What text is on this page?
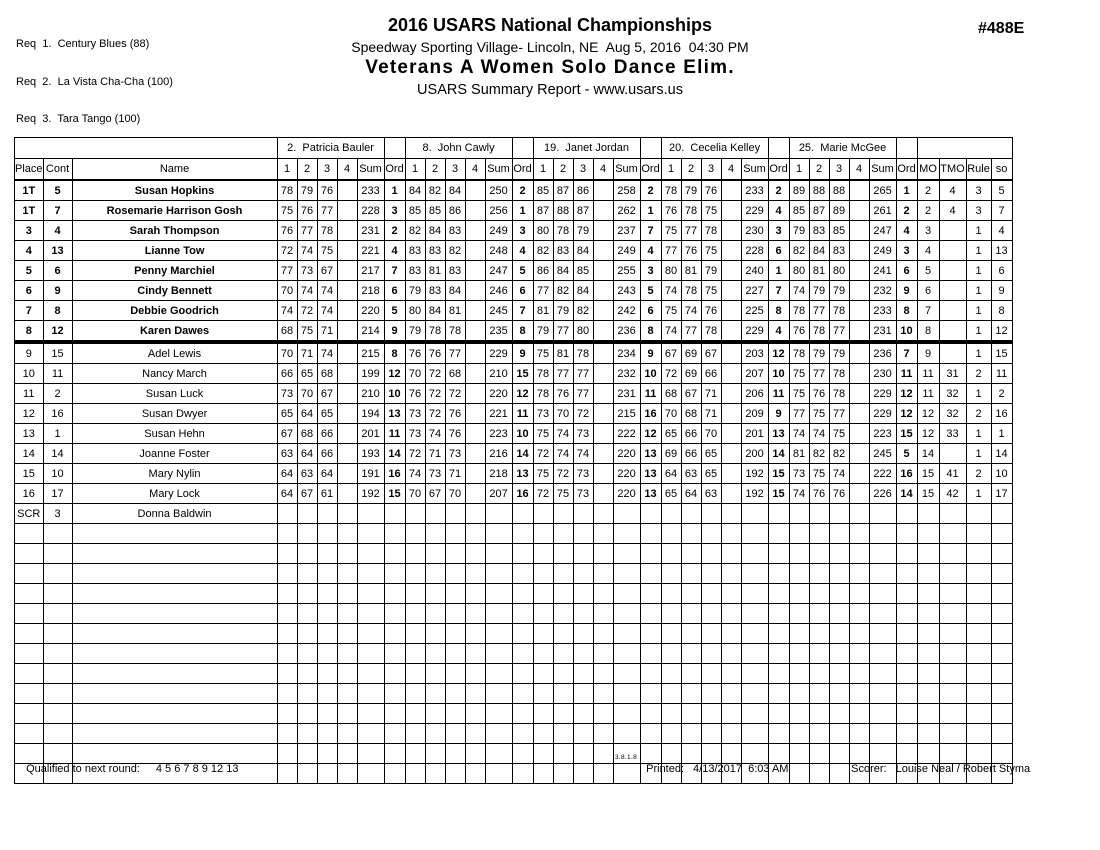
Req  1.  Century Blues (88)

Req  2.  La Vista Cha-Cha (100)

Req  3.  Tara Tango (100)

2016 USARS National Championships
Speedway Sporting Village- Lincoln, NE  Aug 5, 2016  04:30 PM
Veterans A Women Solo Dance Elim.
USARS Summary Report - www.usars.us
#488E
			2.  Patricia Bauler						8.  John Cawly						19.  Janet Jordan						20.  Cecelia Kelley						25.  Marie McGee									
Place	Cont	Name	1	2	3	4	Sum	Ord	1	2	3	4	Sum	Ord	1	2	3	4	Sum	Ord	1	2	3	4	Sum	Ord	1	2	3	4	Sum	Ord	MO	TMO	Rule	so
1T	5	Susan Hopkins	78	79	76		233	1	84	82	84		250	2	85	87	86		258	2	78	79	76		233	2	89	88	88		265	1	2	4	3	5
1T	7	Rosemarie Harrison Gosh	75	76	77		228	3	85	85	86		256	1	87	88	87		262	1	76	78	75		229	4	85	87	89		261	2	2	4	3	7
3	4	Sarah Thompson	76	77	78		231	2	82	84	83		249	3	80	78	79		237	7	75	77	78		230	3	79	83	85		247	4	3		1	4
4	13	Lianne Tow	72	74	75		221	4	83	83	82		248	4	82	83	84		249	4	77	76	75		228	6	82	84	83		249	3	4		1	13
5	6	Penny Marchiel	77	73	67		217	7	83	81	83		247	5	86	84	85		255	3	80	81	79		240	1	80	81	80		241	6	5		1	6
6	9	Cindy Bennett	70	74	74		218	6	79	83	84		246	6	77	82	84		243	5	74	78	75		227	7	74	79	79		232	9	6		1	9
7	8	Debbie Goodrich	74	72	74		220	5	80	84	81		245	7	81	79	82		242	6	75	74	76		225	8	78	77	78		233	8	7		1	8
8	12	Karen Dawes	68	75	71		214	9	79	78	78		235	8	79	77	80		236	8	74	77	78		229	4	76	78	77		231	10	8		1	12
9	15	Adel Lewis	70	71	74		215	8	76	76	77		229	9	75	81	78		234	9	67	69	67		203	12	78	79	79		236	7	9		1	15
10	11	Nancy March	66	65	68		199	12	70	72	68		210	15	78	77	77		232	10	72	69	66		207	10	75	77	78		230	11	11	31	2	11
11	2	Susan Luck	73	70	67		210	10	76	72	72		220	12	78	76	77		231	11	68	67	71		206	11	75	76	78		229	12	11	32	1	2
12	16	Susan Dwyer	65	64	65		194	13	73	72	76		221	11	73	70	72		215	16	70	68	71		209	9	77	75	77		229	12	12	32	2	16
13	1	Susan Hehn	67	68	66		201	11	73	74	76		223	10	75	74	73		222	12	65	66	70		201	13	74	74	75		223	15	12	33	1	1
14	14	Joanne Foster	63	64	66		193	14	72	71	73		216	14	72	74	74		220	13	69	66	65		200	14	81	82	82		245	5	14		1	14
15	10	Mary Nylin	64	63	64		191	16	74	73	71		218	13	75	72	73		220	13	64	63	65		192	15	73	75	74		222	16	15	41	2	10
16	17	Mary Lock	64	67	61		192	15	70	67	70		207	16	72	75	73		220	13	65	64	63		192	15	74	76	76		226	14	15	42	1	17
SCR	3	Donna Baldwin																																		

Qualified to next round: 4 5 6 7 8 9 12 13

3.8.1.8

Printed: 4/13/2017  6:03 AM	Scorer: Louise Neal / Robert Styma
